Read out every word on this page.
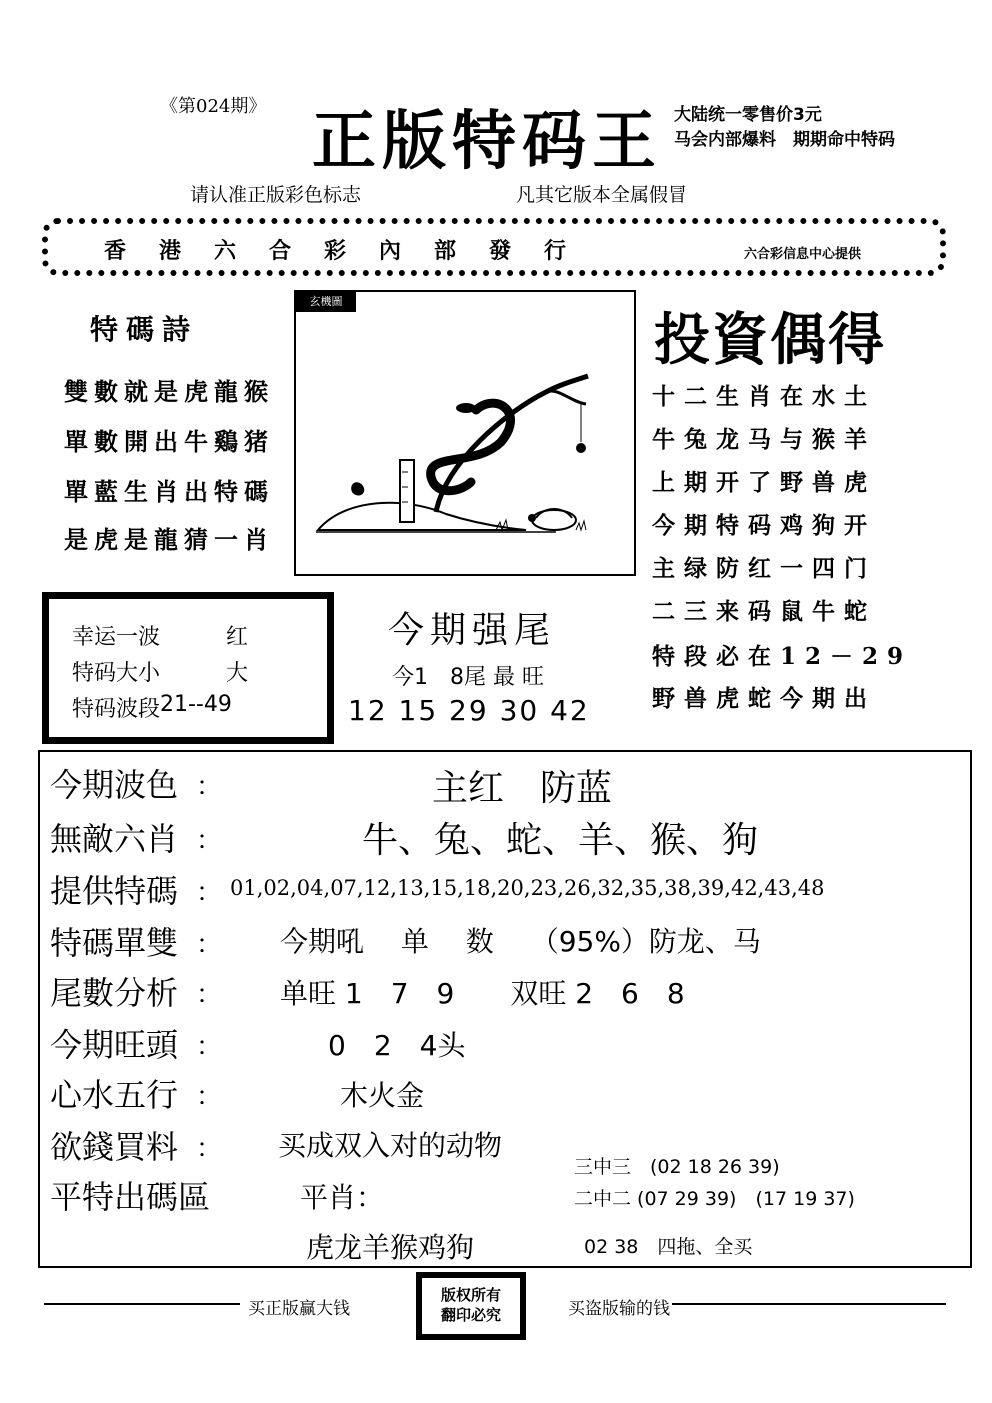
《第024期》 正版特码王 大陆统一零售价3元
马会内部爆料　期期命中特码
请认准正版彩色标志	凡其它版本全属假冒
香港六合彩內部發行	六合彩信息中心提供
特碼詩
雙數就是虎龍猴
單數開出牛鷄猪
單藍生肖出特碼
是虎是龍猜一肖
玄機圖
投資偶得
十二生肖在水土
牛兔龙马与猴羊
上期开了野兽虎
今期特码鸡狗开
主绿防红一四门
二三来码鼠牛蛇
特段必在12－29
野兽虎蛇今期出
幸运一波	红
特码大小	大
特码波段 21--49
今期强尾
今1　8尾 最 旺
12 15 29 30 42
今期波色 ：	主红　防蓝
無敵六肖 ：	牛、兔、蛇、羊、猴、狗
提供特碼 ： 01,02,04,07,12,13,15,18,20,23,26,32,35,38,39,42,43,48
特碼單雙 ： 今期吼　 单　 数　 （95%）防龙、马
尾數分析 ： 单旺 1　7　9　　双旺 2　6　8
今期旺頭 ：	0　2　4头
心水五行 ：	木火金
欲錢買料 ： 买成双入对的动物
平特出碼區	平肖：
虎龙羊猴鸡狗
三中三　(02 18 26 39)
二中二 (07 29 39)　(17 19 37)
02 38　四拖、全买
买正版赢大钱	买盗版输的钱
版权所有
翻印必究
